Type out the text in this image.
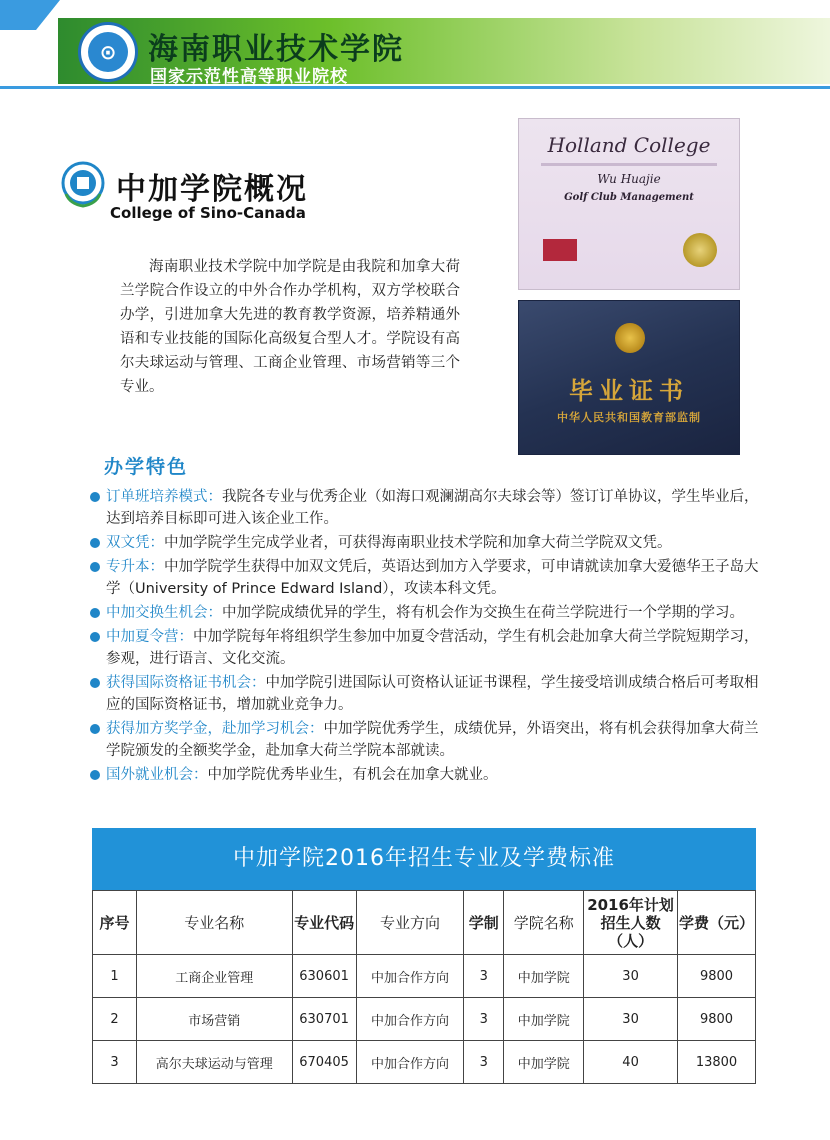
⊙	海南职业技术学院
国家示范性高等职业院校
中加学院概况
College of Sino-Canada

海南职业技术学院中加学院是由我院和加拿大荷兰学院合作设立的中外合作办学机构，双方学校联合办学，引进加拿大先进的教育教学资源，培养精通外语和专业技能的国际化高级复合型人才。学院设有高尔夫球运动与管理、工商企业管理、市场营销等三个专业。

Holland College
Wu Huajie
Golf Club Management
毕业证书
中华人民共和国教育部监制
办学特色
订单班培养模式：我院各专业与优秀企业（如海口观澜湖高尔夫球会等）签订订单协议，学生毕业后，达到培养目标即可进入该企业工作。
双文凭：中加学院学生完成学业者，可获得海南职业技术学院和加拿大荷兰学院双文凭。
专升本：中加学院学生获得中加双文凭后，英语达到加方入学要求，可申请就读加拿大爱德华王子岛大学（University of Prince Edward Island），攻读本科文凭。
中加交换生机会：中加学院成绩优异的学生，将有机会作为交换生在荷兰学院进行一个学期的学习。
中加夏令营：中加学院每年将组织学生参加中加夏令营活动，学生有机会赴加拿大荷兰学院短期学习，参观，进行语言、文化交流。
获得国际资格证书机会：中加学院引进国际认可资格认证证书课程，学生接受培训成绩合格后可考取相应的国际资格证书，增加就业竞争力。
获得加方奖学金，赴加学习机会：中加学院优秀学生，成绩优异，外语突出，将有机会获得加拿大荷兰学院颁发的全额奖学金，赴加拿大荷兰学院本部就读。
国外就业机会：中加学院优秀毕业生，有机会在加拿大就业。
中加学院2016年招生专业及学费标准
序号	专业名称	专业代码	专业方向	学制	学院名称	2016年计划招生人数（人）	学费（元）
1	工商企业管理	630601	中加合作方向	3	中加学院	30	9800
2	市场营销	630701	中加合作方向	3	中加学院	30	9800
3	高尔夫球运动与管理	670405	中加合作方向	3	中加学院	40	13800
